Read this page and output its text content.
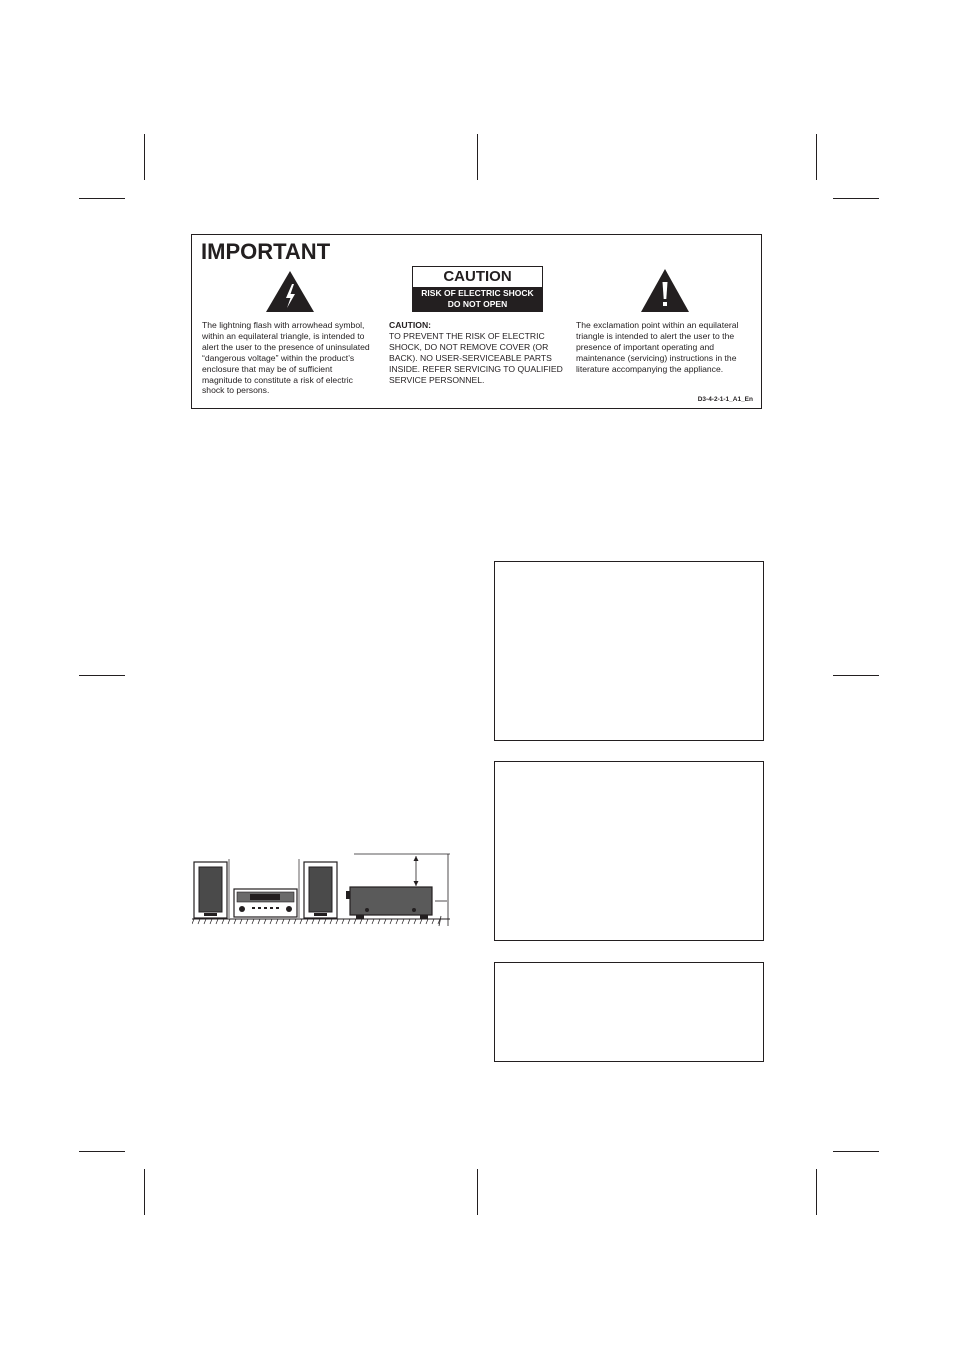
IMPORTANT
CAUTION
RISK OF ELECTRIC SHOCK
DO NOT OPEN
The lightning flash with arrowhead symbol,
within an equilateral triangle, is intended to
alert the user to the presence of uninsulated
“dangerous voltage” within the product’s
enclosure that may be of sufficient
magnitude to constitute a risk of electric
shock to persons.
CAUTION:
TO PREVENT THE RISK OF ELECTRIC
SHOCK, DO NOT REMOVE COVER (OR
BACK). NO USER-SERVICEABLE PARTS
INSIDE. REFER SERVICING TO QUALIFIED
SERVICE PERSONNEL.
The exclamation point within an equilateral
triangle is intended to alert the user to the
presence of important operating and
maintenance (servicing) instructions in the
literature accompanying the appliance.
D3-4-2-1-1_A1_En
